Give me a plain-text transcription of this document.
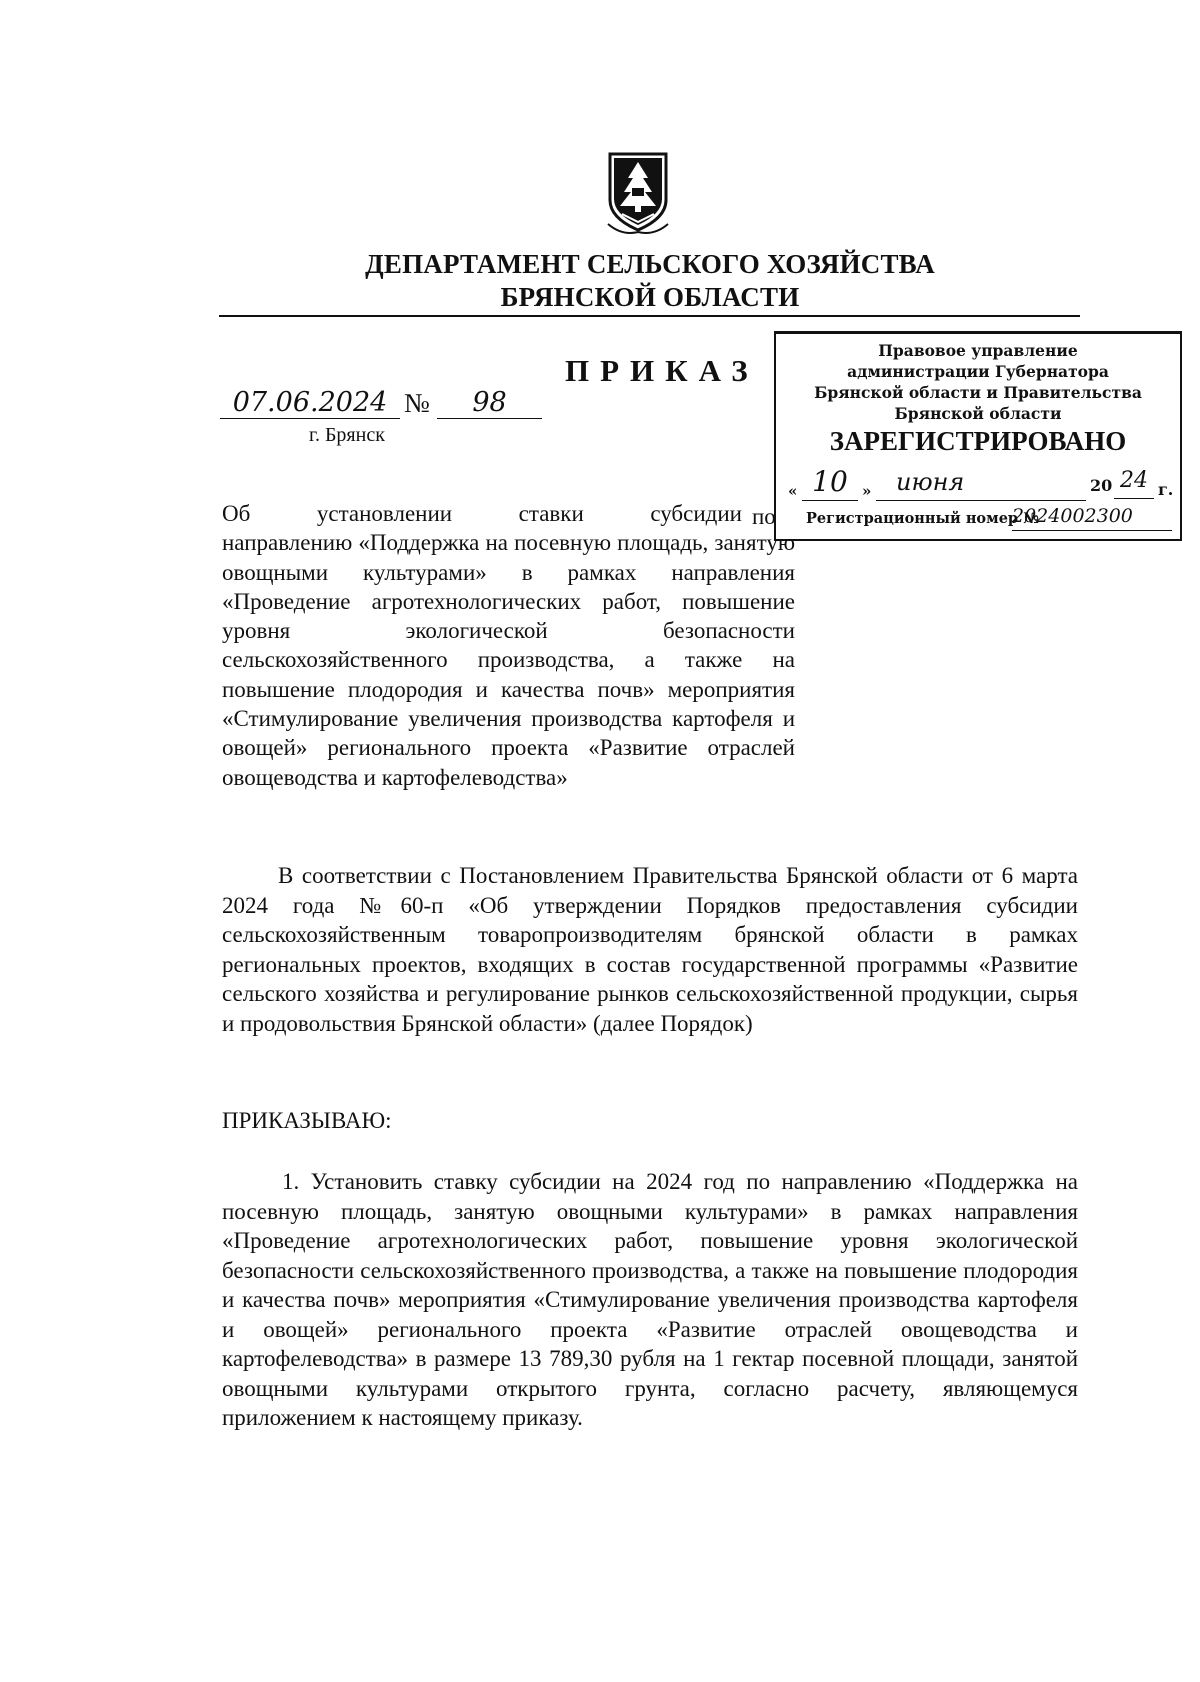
ДЕПАРТАМЕНТ СЕЛЬСКОГО ХОЗЯЙСТВА
БРЯНСКОЙ ОБЛАСТИ
ПРИКАЗ
07.06.2024 №	98
г. Брянск
Правовое управление
администрации Губернатора
Брянской области и Правительства
Брянской области
ЗАРЕГИСТРИРОВАНО
« 10 »	июня	20 24 г.
Регистрационный номер №
2024002300
Об	установлении	ставки	субсидии
направлению «Поддержка на посевную площадь, занятую овощными культурами» в рамках направления «Проведение агротехнологических работ, повышение уровня экологической безопасности сельскохозяйственного производства, а также на повышение плодородия и качества почв» мероприятия «Стимулирование увеличения производства картофеля и овощей» регионального проекта «Развитие отраслей овощеводства и картофелеводства»
по
В соответствии с Постановлением Правительства Брянской области от 6 марта 2024 года №60-п «Об утверждении Порядков предоставления субсидии сельскохозяйственным товаропроизводителям брянской области в рамках региональных проектов, входящих в состав государственной программы «Развитие сельского хозяйства и регулирование рынков сельскохозяйственной продукции, сырья и продовольствия Брянской области» (далее Порядок)
ПРИКАЗЫВАЮ:
1. Установить ставку субсидии на 2024 год по направлению «Поддержка на посевную площадь, занятую овощными культурами» в рамках направления «Проведение агротехнологических работ, повышение уровня экологической безопасности сельскохозяйственного производства, а также на повышение плодородия и качества почв» мероприятия «Стимулирование увеличения производства картофеля и овощей» регионального проекта «Развитие отраслей овощеводства и картофелеводства» в размере 13 789,30 рубля на 1 гектар посевной площади, занятой овощными культурами открытого грунта, согласно расчету, являющемуся приложением к настоящему приказу.
